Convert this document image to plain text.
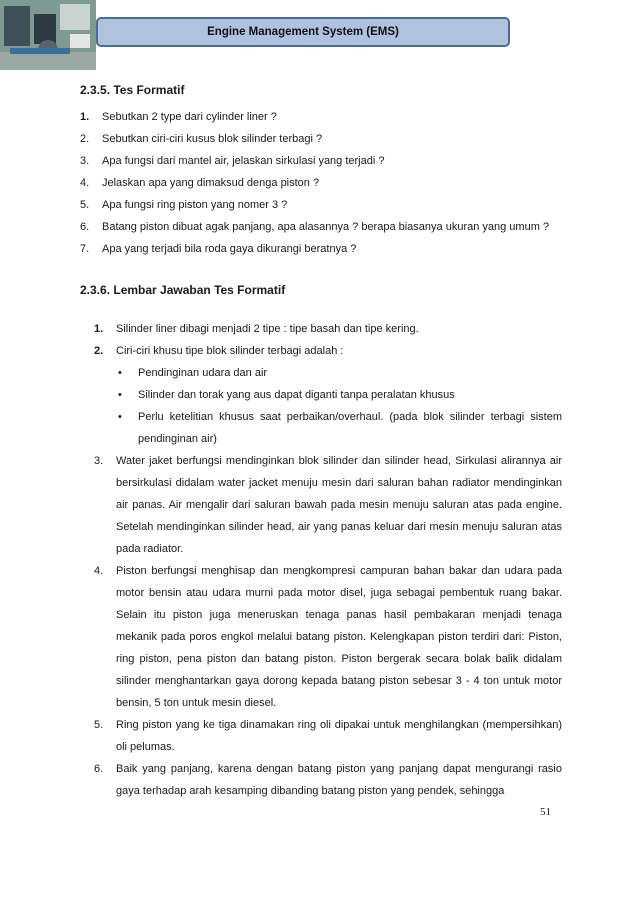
Engine Management System (EMS)
2.3.5. Tes Formatif
1. Sebutkan 2 type dari cylinder liner ?
2. Sebutkan ciri-ciri kusus blok silinder terbagi ?
3. Apa fungsi dari mantel air, jelaskan sirkulasi yang terjadi ?
4. Jelaskan apa yang dimaksud denga piston ?
5. Apa fungsi ring piston yang nomer 3 ?
6. Batang piston dibuat agak panjang, apa alasannya ? berapa biasanya ukuran yang umum ?
7. Apa yang terjadi bila roda gaya dikurangi beratnya ?
2.3.6. Lembar Jawaban Tes Formatif
1. Silinder liner dibagi menjadi 2 tipe : tipe basah dan tipe kering.
2. Ciri-ciri khusu tipe blok silinder terbagi adalah :
• Pendinginan udara dan air
• Silinder dan torak yang aus dapat diganti tanpa peralatan khusus
• Perlu ketelitian khusus saat perbaikan/overhaul. (pada blok silinder terbagi sistem pendinginan air)
3. Water jaket berfungsi mendinginkan blok silinder dan silinder head, Sirkulasi alirannya air bersirkulasi didalam water jacket menuju mesin dari saluran bahan radiator mendinginkan air panas. Air mengalir dari saluran bawah pada mesin menuju saluran atas pada engine. Setelah mendinginkan silinder head, air yang panas keluar dari mesin menuju saluran atas pada radiator.
4. Piston berfungsi menghisap dan mengkompresi campuran bahan bakar dan udara pada motor bensin atau udara murni pada motor disel, juga sebagai pembentuk ruang bakar. Selain itu piston juga meneruskan tenaga panas hasil pembakaran menjadi tenaga mekanik pada poros engkol melalui batang piston. Kelengkapan piston terdiri dari: Piston, ring piston, pena piston dan batang piston. Piston bergerak secara bolak balik didalam silinder menghantarkan gaya dorong kepada batang piston sebesar 3 - 4 ton untuk motor bensin, 5 ton untuk mesin diesel.
5. Ring piston yang ke tiga dinamakan ring oli dipakai untuk menghilangkan (mempersihkan) oli pelumas.
6. Baik yang panjang, karena dengan batang piston yang panjang dapat mengurangi rasio gaya terhadap arah kesamping dibanding batang piston yang pendek, sehingga
51
